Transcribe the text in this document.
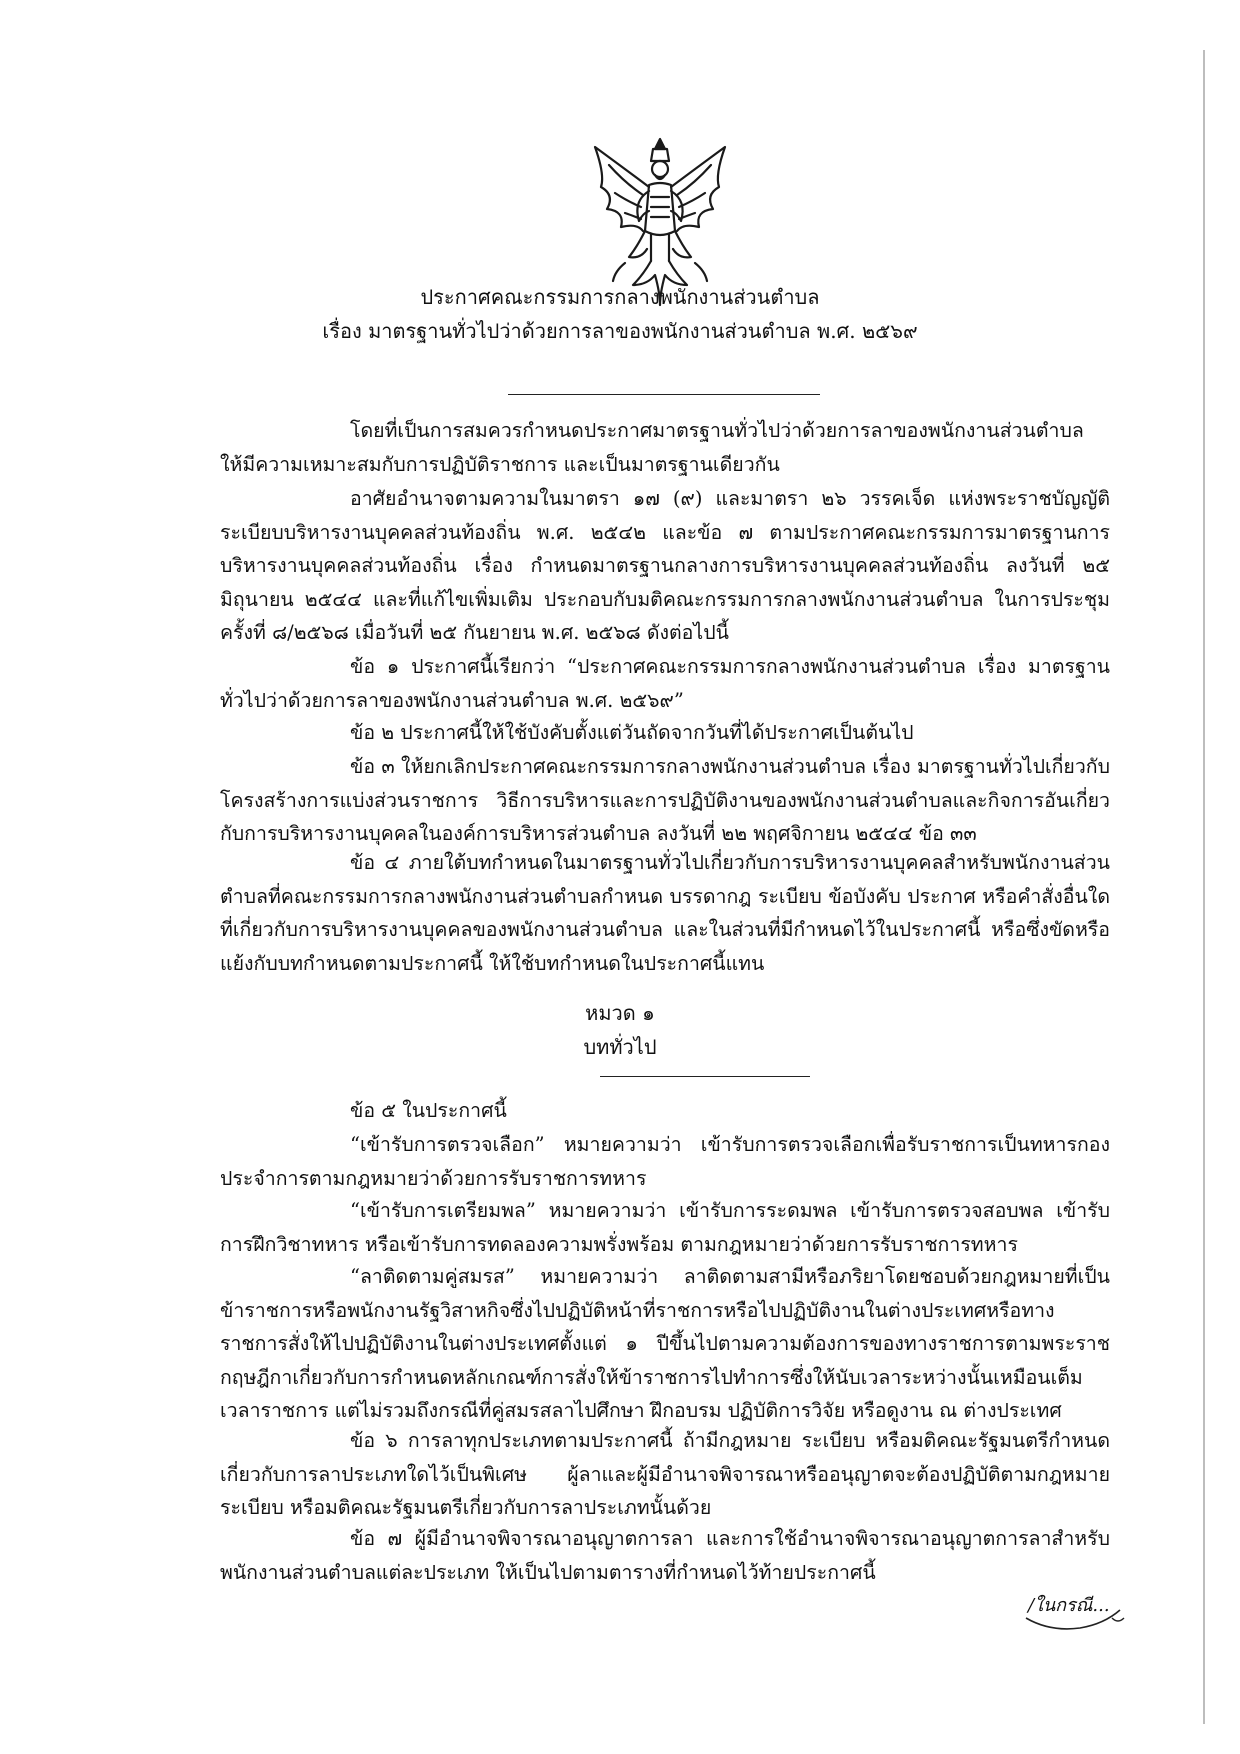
ประกาศคณะกรรมการกลางพนักงานส่วนตำบล
เรื่อง มาตรฐานทั่วไปว่าด้วยการลาของพนักงานส่วนตำบล พ.ศ. ๒๕๖๙

โดยที่เป็นการสมควรกำหนดประกาศมาตรฐานทั่วไปว่าด้วยการลาของพนักงานส่วนตำบล ให้มีความเหมาะสมกับการปฏิบัติราชการ และเป็นมาตรฐานเดียวกัน

อาศัยอำนาจตามความในมาตรา ๑๗ (๙) และมาตรา ๒๖ วรรคเจ็ด แห่งพระราชบัญญัติระเบียบบริหารงานบุคคลส่วนท้องถิ่น พ.ศ. ๒๕๔๒ และข้อ ๗ ตามประกาศคณะกรรมการมาตรฐานการบริหารงานบุคคลส่วนท้องถิ่น เรื่อง กำหนดมาตรฐานกลางการบริหารงานบุคคลส่วนท้องถิ่น ลงวันที่ ๒๕ มิถุนายน ๒๕๔๔ และที่แก้ไขเพิ่มเติม ประกอบกับมติคณะกรรมการกลางพนักงานส่วนตำบล ในการประชุม ครั้งที่ ๘/๒๕๖๘ เมื่อวันที่ ๒๕ กันยายน พ.ศ. ๒๕๖๘ ดังต่อไปนี้

ข้อ ๑ ประกาศนี้เรียกว่า “ประกาศคณะกรรมการกลางพนักงานส่วนตำบล เรื่อง มาตรฐานทั่วไปว่าด้วยการลาของพนักงานส่วนตำบล พ.ศ. ๒๕๖๙”

ข้อ ๒ ประกาศนี้ให้ใช้บังคับตั้งแต่วันถัดจากวันที่ได้ประกาศเป็นต้นไป

ข้อ ๓ ให้ยกเลิกประกาศคณะกรรมการกลางพนักงานส่วนตำบล เรื่อง มาตรฐานทั่วไปเกี่ยวกับโครงสร้างการแบ่งส่วนราชการ วิธีการบริหารและการปฏิบัติงานของพนักงานส่วนตำบลและกิจการอันเกี่ยวกับการบริหารงานบุคคลในองค์การบริหารส่วนตำบล ลงวันที่ ๒๒ พฤศจิกายน ๒๕๔๔ ข้อ ๓๓

ข้อ ๔ ภายใต้บทกำหนดในมาตรฐานทั่วไปเกี่ยวกับการบริหารงานบุคคลสำหรับพนักงานส่วนตำบลที่คณะกรรมการกลางพนักงานส่วนตำบลกำหนด บรรดากฎ ระเบียบ ข้อบังคับ ประกาศ หรือคำสั่งอื่นใดที่เกี่ยวกับการบริหารงานบุคคลของพนักงานส่วนตำบล และในส่วนที่มีกำหนดไว้ในประกาศนี้ หรือซึ่งขัดหรือแย้งกับบทกำหนดตามประกาศนี้ ให้ใช้บทกำหนดในประกาศนี้แทน

หมวด ๑
บททั่วไป

ข้อ ๕ ในประกาศนี้

“เข้ารับการตรวจเลือก” หมายความว่า เข้ารับการตรวจเลือกเพื่อรับราชการเป็นทหารกองประจำการตามกฎหมายว่าด้วยการรับราชการทหาร

“เข้ารับการเตรียมพล” หมายความว่า เข้ารับการระดมพล เข้ารับการตรวจสอบพล เข้ารับการฝึกวิชาทหาร หรือเข้ารับการทดลองความพรั่งพร้อม ตามกฎหมายว่าด้วยการรับราชการทหาร

“ลาติดตามคู่สมรส” หมายความว่า ลาติดตามสามีหรือภริยาโดยชอบด้วยกฎหมายที่เป็นข้าราชการหรือพนักงานรัฐวิสาหกิจซึ่งไปปฏิบัติหน้าที่ราชการหรือไปปฏิบัติงานในต่างประเทศหรือทางราชการสั่งให้ไปปฏิบัติงานในต่างประเทศตั้งแต่ ๑ ปีขึ้นไปตามความต้องการของทางราชการตามพระราชกฤษฎีกาเกี่ยวกับการกำหนดหลักเกณฑ์การสั่งให้ข้าราชการไปทำการซึ่งให้นับเวลาระหว่างนั้นเหมือนเต็มเวลาราชการ แต่ไม่รวมถึงกรณีที่คู่สมรสลาไปศึกษา ฝึกอบรม ปฏิบัติการวิจัย หรือดูงาน ณ ต่างประเทศ

ข้อ ๖ การลาทุกประเภทตามประกาศนี้ ถ้ามีกฎหมาย ระเบียบ หรือมติคณะรัฐมนตรีกำหนดเกี่ยวกับการลาประเภทใดไว้เป็นพิเศษ ผู้ลาและผู้มีอำนาจพิจารณาหรืออนุญาตจะต้องปฏิบัติตามกฎหมาย ระเบียบ หรือมติคณะรัฐมนตรีเกี่ยวกับการลาประเภทนั้นด้วย

ข้อ ๗ ผู้มีอำนาจพิจารณาอนุญาตการลา และการใช้อำนาจพิจารณาอนุญาตการลาสำหรับพนักงานส่วนตำบลแต่ละประเภท ให้เป็นไปตามตารางที่กำหนดไว้ท้ายประกาศนี้

/ในกรณี...
